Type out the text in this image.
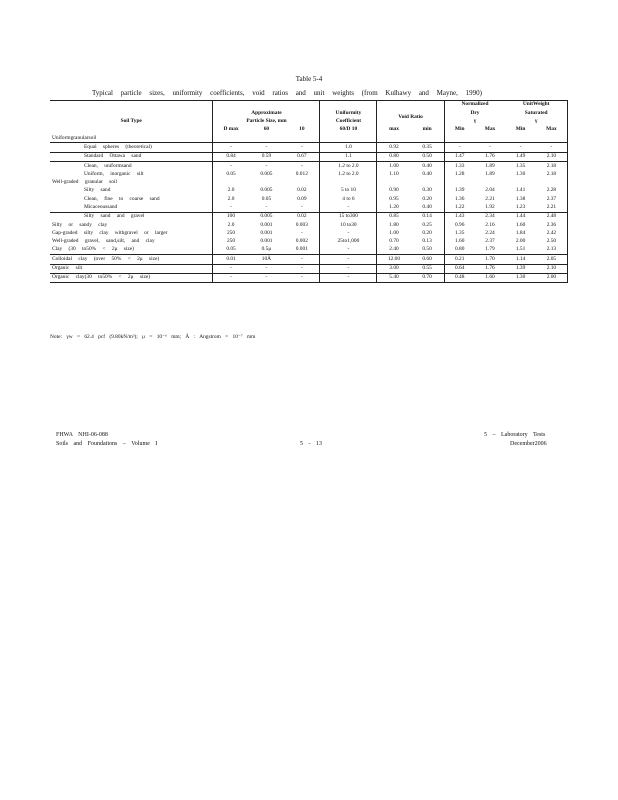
Table 5-4
Typical particle sizes, uniformity coefficients, void ratios and unit weights (from Kulhawy and Mayne, 1990)
							Normalized		UnitWeight	
	Approximate			Uniformity	Void Ratio		Dry		Saturated	
Soil Type	Particle Size, mm			Coefficient			γ		γ	
	D max	60	10	60/D 10	max	min	Min	Max	Min	Max
Uniformgranularsoil										
Equal spheres (theoretical)	-	-	-	1.0	0.92	0.35	-	-	-	-
Standard Ottawa sand	0.84	0.59	0.67	1.1	0.80	0.50	1.47	1.76	1.49	2.10
Clean, uniformsand	-	-	-	1.2 to 2.0	1.00	0.40	1.33	1.89	1.35	2.18
Uniform, inorganic silt	0.05	0.005	0.012	1.2 to 2.0	1.10	0.40	1.28	1.89	1.30	2.18
Well-graded granular soil										
Silty sand	2.0	0.005	0.02	5 to 10	0.90	0.30	1.39	2.04	1.41	2.28
Clean, fine to coarse sand	2.0	0.05	0.09	4 to 6	0.95	0.20	1.36	2.21	1.38	2.37
Micaceoussand	-	-	-	-	1.20	0.40	1.22	1.92	1.23	2.21
Silty sand and gravel	100	0.005	0.02	15 to300	0.85	0.14	1.43	2.34	1.44	2.48
Silty or sandy clay	2.0	0.001	0.003	10 to30	1.80	0.25	0.96	2.16	1.60	2.36
Gap-graded silty clay withgravel or larger	250	0.001	-	-	1.00	0.20	1.35	2.24	1.84	2.42
Well-graded gravel, sand,silt, and clay	250	0.001	0.002	25to1,000	0.70	0.13	1.60	2.37	2.00	2.50
Clay (30 to50% < 2μ size)	0.05	0.5μ	0.001	-	2.40	0.50	0.80	1.79	1.51	2.13
Colloidal clay (over 50% < 2μ size)	0.01	10Å	-	-	12.00	0.60	0.21	1.70	1.14	2.05
Organic silt	-	-	-	-	3.00	0.55	0.64	1.76	1.39	2.10
Organic clay(30 to50% < 2μ size)	-	-	-	-	5.40	0.70	0.48	1.60	1.30	2.00
Note: γw = 62.4 pcf (9.80kN/m³); μ = 10⁻⁶ mm; Å : Angstrom = 10⁻⁷ mm
FHWA NHI-06-088
Soils and Foundations – Volume I	5 - 13
5 – Laboratory Tests
December2006
